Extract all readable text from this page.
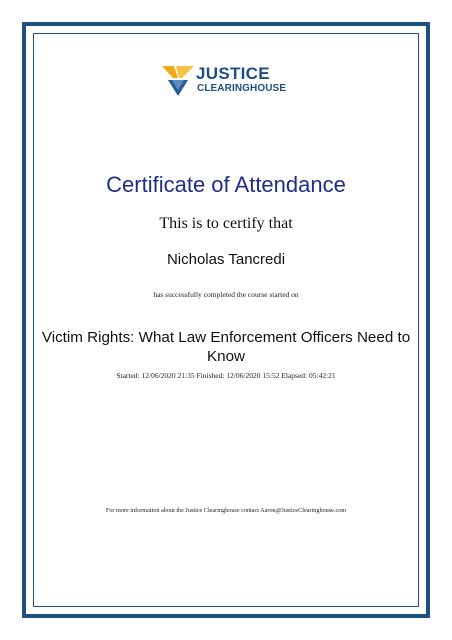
JUSTICE
CLEARINGHOUSE
Certificate of Attendance
This is to certify that
Nicholas Tancredi
has successfully completed the course started on
Victim Rights: What Law Enforcement Officers Need to Know
Started: 12/06/2020 21:35 Finished: 12/06/2020 15:52 Elapsed: 05:42:21
For more information about the Justice Clearinghouse contact Aaron@JusticeClearinghouse.com
